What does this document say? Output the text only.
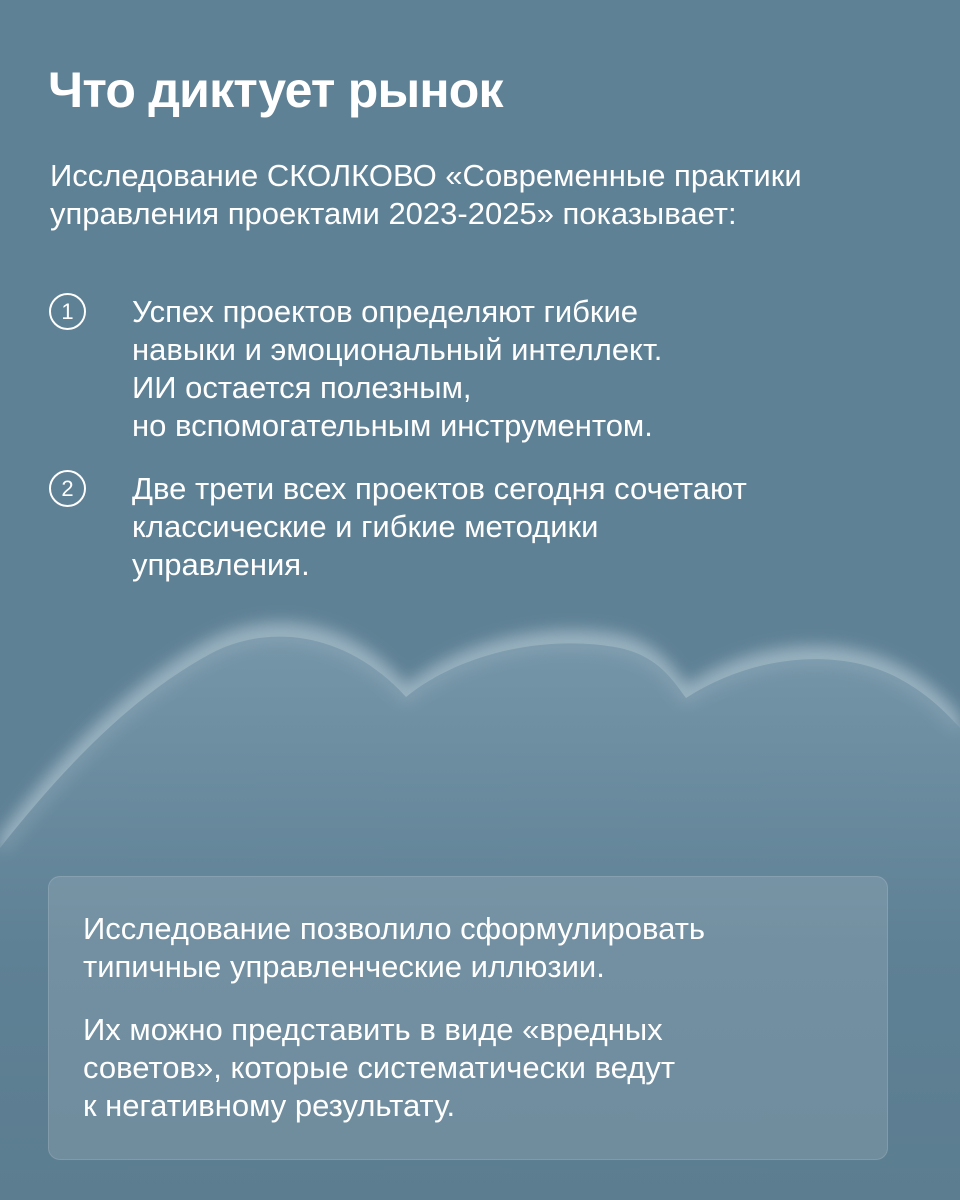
Что диктует рынок

Исследование СКОЛКОВО «Современные практики управления проектами 2023-2025» показывает:

1	Успех проектов определяют гибкие
навыки и эмоциональный интеллект.
ИИ остается полезным,
но вспомогательным инструментом.
2	Две трети всех проектов сегодня сочетают
классические и гибкие методики
управления.

Исследование позволило сформулировать
типичные управленческие иллюзии.

Их можно представить в виде «вредных
советов», которые систематически ведут
к негативному результату.
